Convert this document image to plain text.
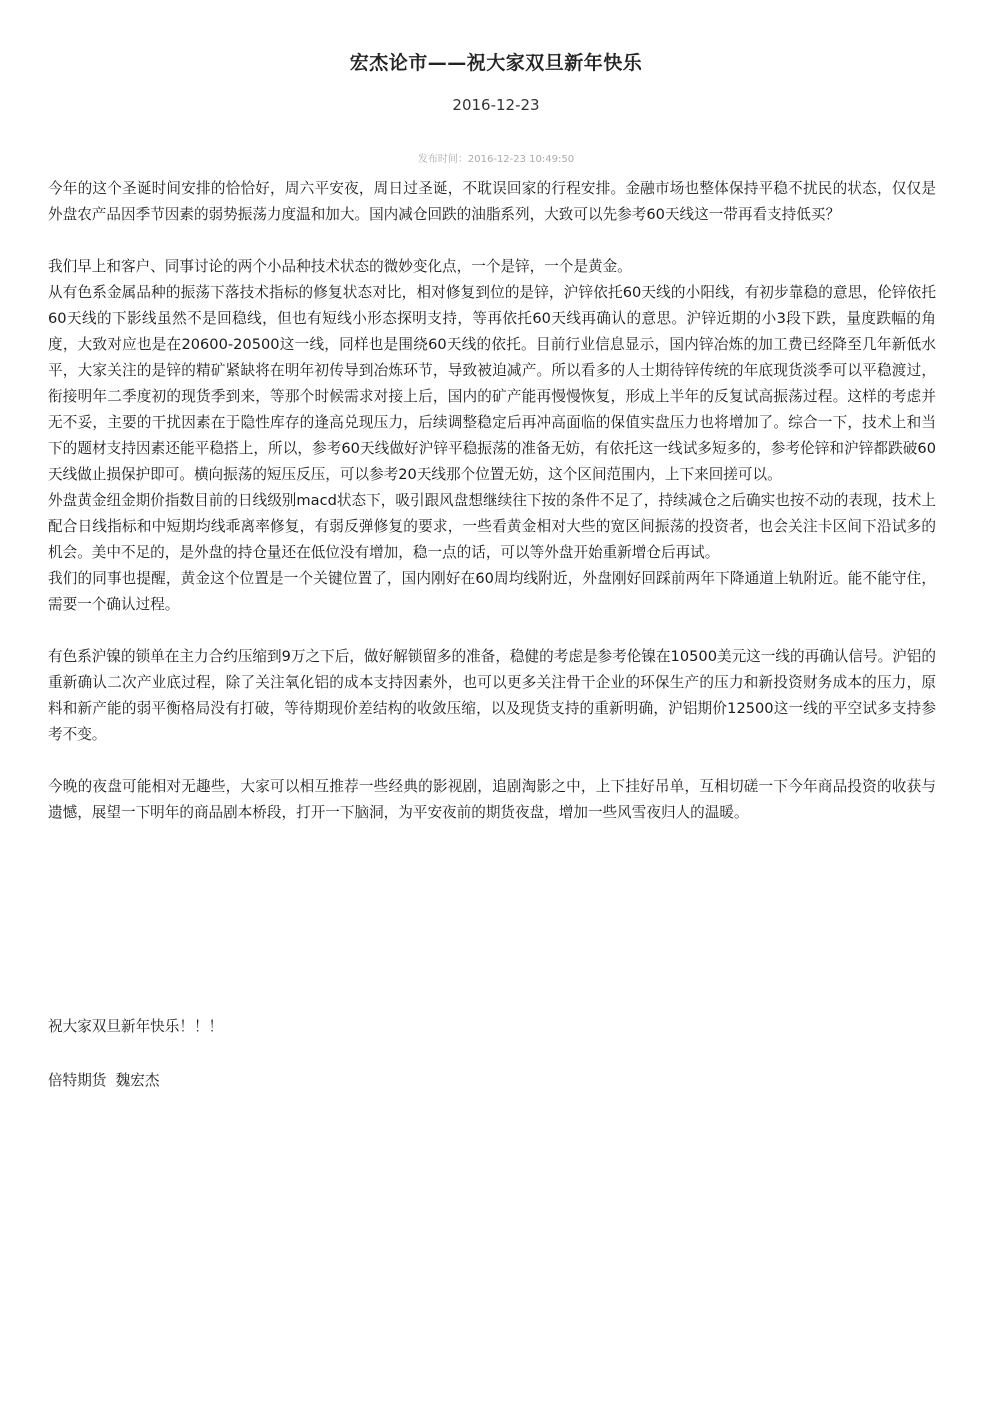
宏杰论市——祝大家双旦新年快乐
2016-12-23
发布时间：2016-12-23 10:49:50

今年的这个圣诞时间安排的恰恰好，周六平安夜，周日过圣诞，不耽误回家的行程安排。金融市场也整体保持平稳不扰民的状态，仅仅是外盘农产品因季节因素的弱势振荡力度温和加大。国内减仓回跌的油脂系列，大致可以先参考60天线这一带再看支持低买？

我们早上和客户、同事讨论的两个小品种技术状态的微妙变化点，一个是锌，一个是黄金。

从有色系金属品种的振荡下落技术指标的修复状态对比，相对修复到位的是锌，沪锌依托60天线的小阳线，有初步靠稳的意思，伦锌依托60天线的下影线虽然不是回稳线，但也有短线小形态探明支持，等再依托60天线再确认的意思。沪锌近期的小3段下跌，量度跌幅的角度，大致对应也是在20600-20500这一线，同样也是围绕60天线的依托。目前行业信息显示，国内锌冶炼的加工费已经降至几年新低水平，大家关注的是锌的精矿紧缺将在明年初传导到冶炼环节，导致被迫减产。所以看多的人士期待锌传统的年底现货淡季可以平稳渡过，衔接明年二季度初的现货季到来，等那个时候需求对接上后，国内的矿产能再慢慢恢复，形成上半年的反复试高振荡过程。这样的考虑并无不妥，主要的干扰因素在于隐性库存的逢高兑现压力，后续调整稳定后再冲高面临的保值实盘压力也将增加了。综合一下，技术上和当下的题材支持因素还能平稳搭上，所以，参考60天线做好沪锌平稳振荡的准备无妨，有依托这一线试多短多的，参考伦锌和沪锌都跌破60天线做止损保护即可。横向振荡的短压反压，可以参考20天线那个位置无妨，这个区间范围内，上下来回搓可以。

外盘黄金纽金期价指数目前的日线级别macd状态下，吸引跟风盘想继续往下按的条件不足了，持续减仓之后确实也按不动的表现，技术上配合日线指标和中短期均线乖离率修复，有弱反弹修复的要求，一些看黄金相对大些的宽区间振荡的投资者，也会关注卡区间下沿试多的机会。美中不足的，是外盘的持仓量还在低位没有增加，稳一点的话，可以等外盘开始重新增仓后再试。

我们的同事也提醒，黄金这个位置是一个关键位置了，国内刚好在60周均线附近，外盘刚好回踩前两年下降通道上轨附近。能不能守住，需要一个确认过程。

有色系沪镍的锁单在主力合约压缩到9万之下后，做好解锁留多的准备，稳健的考虑是参考伦镍在10500美元这一线的再确认信号。沪铝的重新确认二次产业底过程，除了关注氧化铝的成本支持因素外，也可以更多关注骨干企业的环保生产的压力和新投资财务成本的压力，原料和新产能的弱平衡格局没有打破，等待期现价差结构的收敛压缩，以及现货支持的重新明确，沪铝期价12500这一线的平空试多支持参考不变。

今晚的夜盘可能相对无趣些，大家可以相互推荐一些经典的影视剧，追剧淘影之中，上下挂好吊单，互相切磋一下今年商品投资的收获与遗憾，展望一下明年的商品剧本桥段，打开一下脑洞，为平安夜前的期货夜盘，增加一些风雪夜归人的温暖。

祝大家双旦新年快乐！！！

倍特期货  魏宏杰
